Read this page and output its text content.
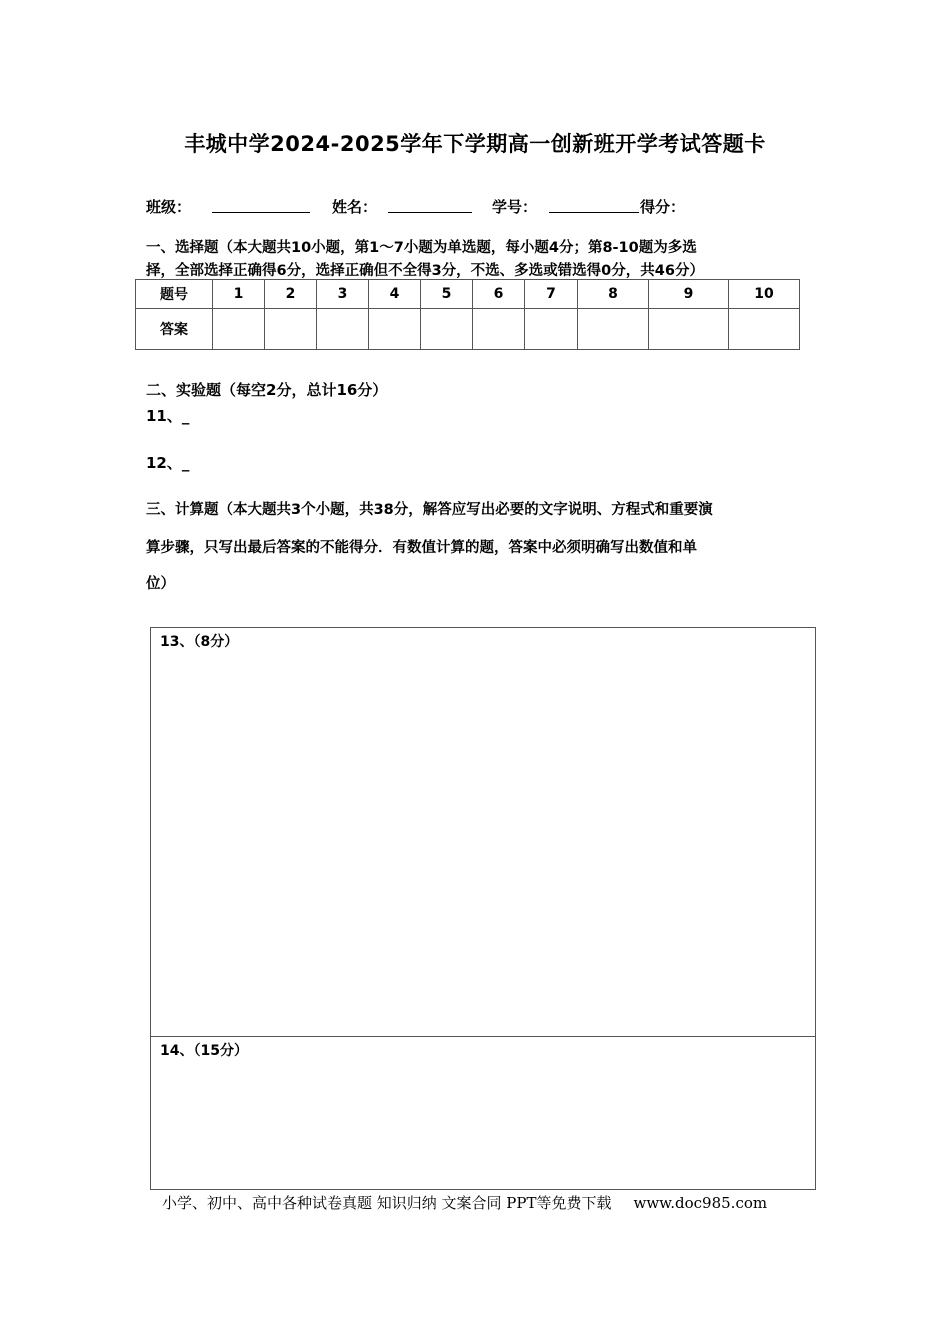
丰城中学2024-2025学年下学期高一创新班开学考试答题卡
班级：	姓名：	学号：	得分：
一、选择题（本大题共10小题，第1～7小题为单选题，每小题4分；第8-10题为多选
择，全部选择正确得6分，选择正确但不全得3分，不选、多选或错选得0分，共46分）
题号	1	2	3	4	5	6	7	8	9	10
答案										
二、实验题（每空2分，总计16分）
11、_
12、_
三、计算题（本大题共3个小题，共38分，解答应写出必要的文字说明、方程式和重要演
算步骤，只写出最后答案的不能得分．有数值计算的题，答案中必须明确写出数值和单
位）
13、（8分）
14、（15分）
小学、初中、高中各种试卷真题 知识归纳 文案合同 PPT等免费下载 www.doc985.com
